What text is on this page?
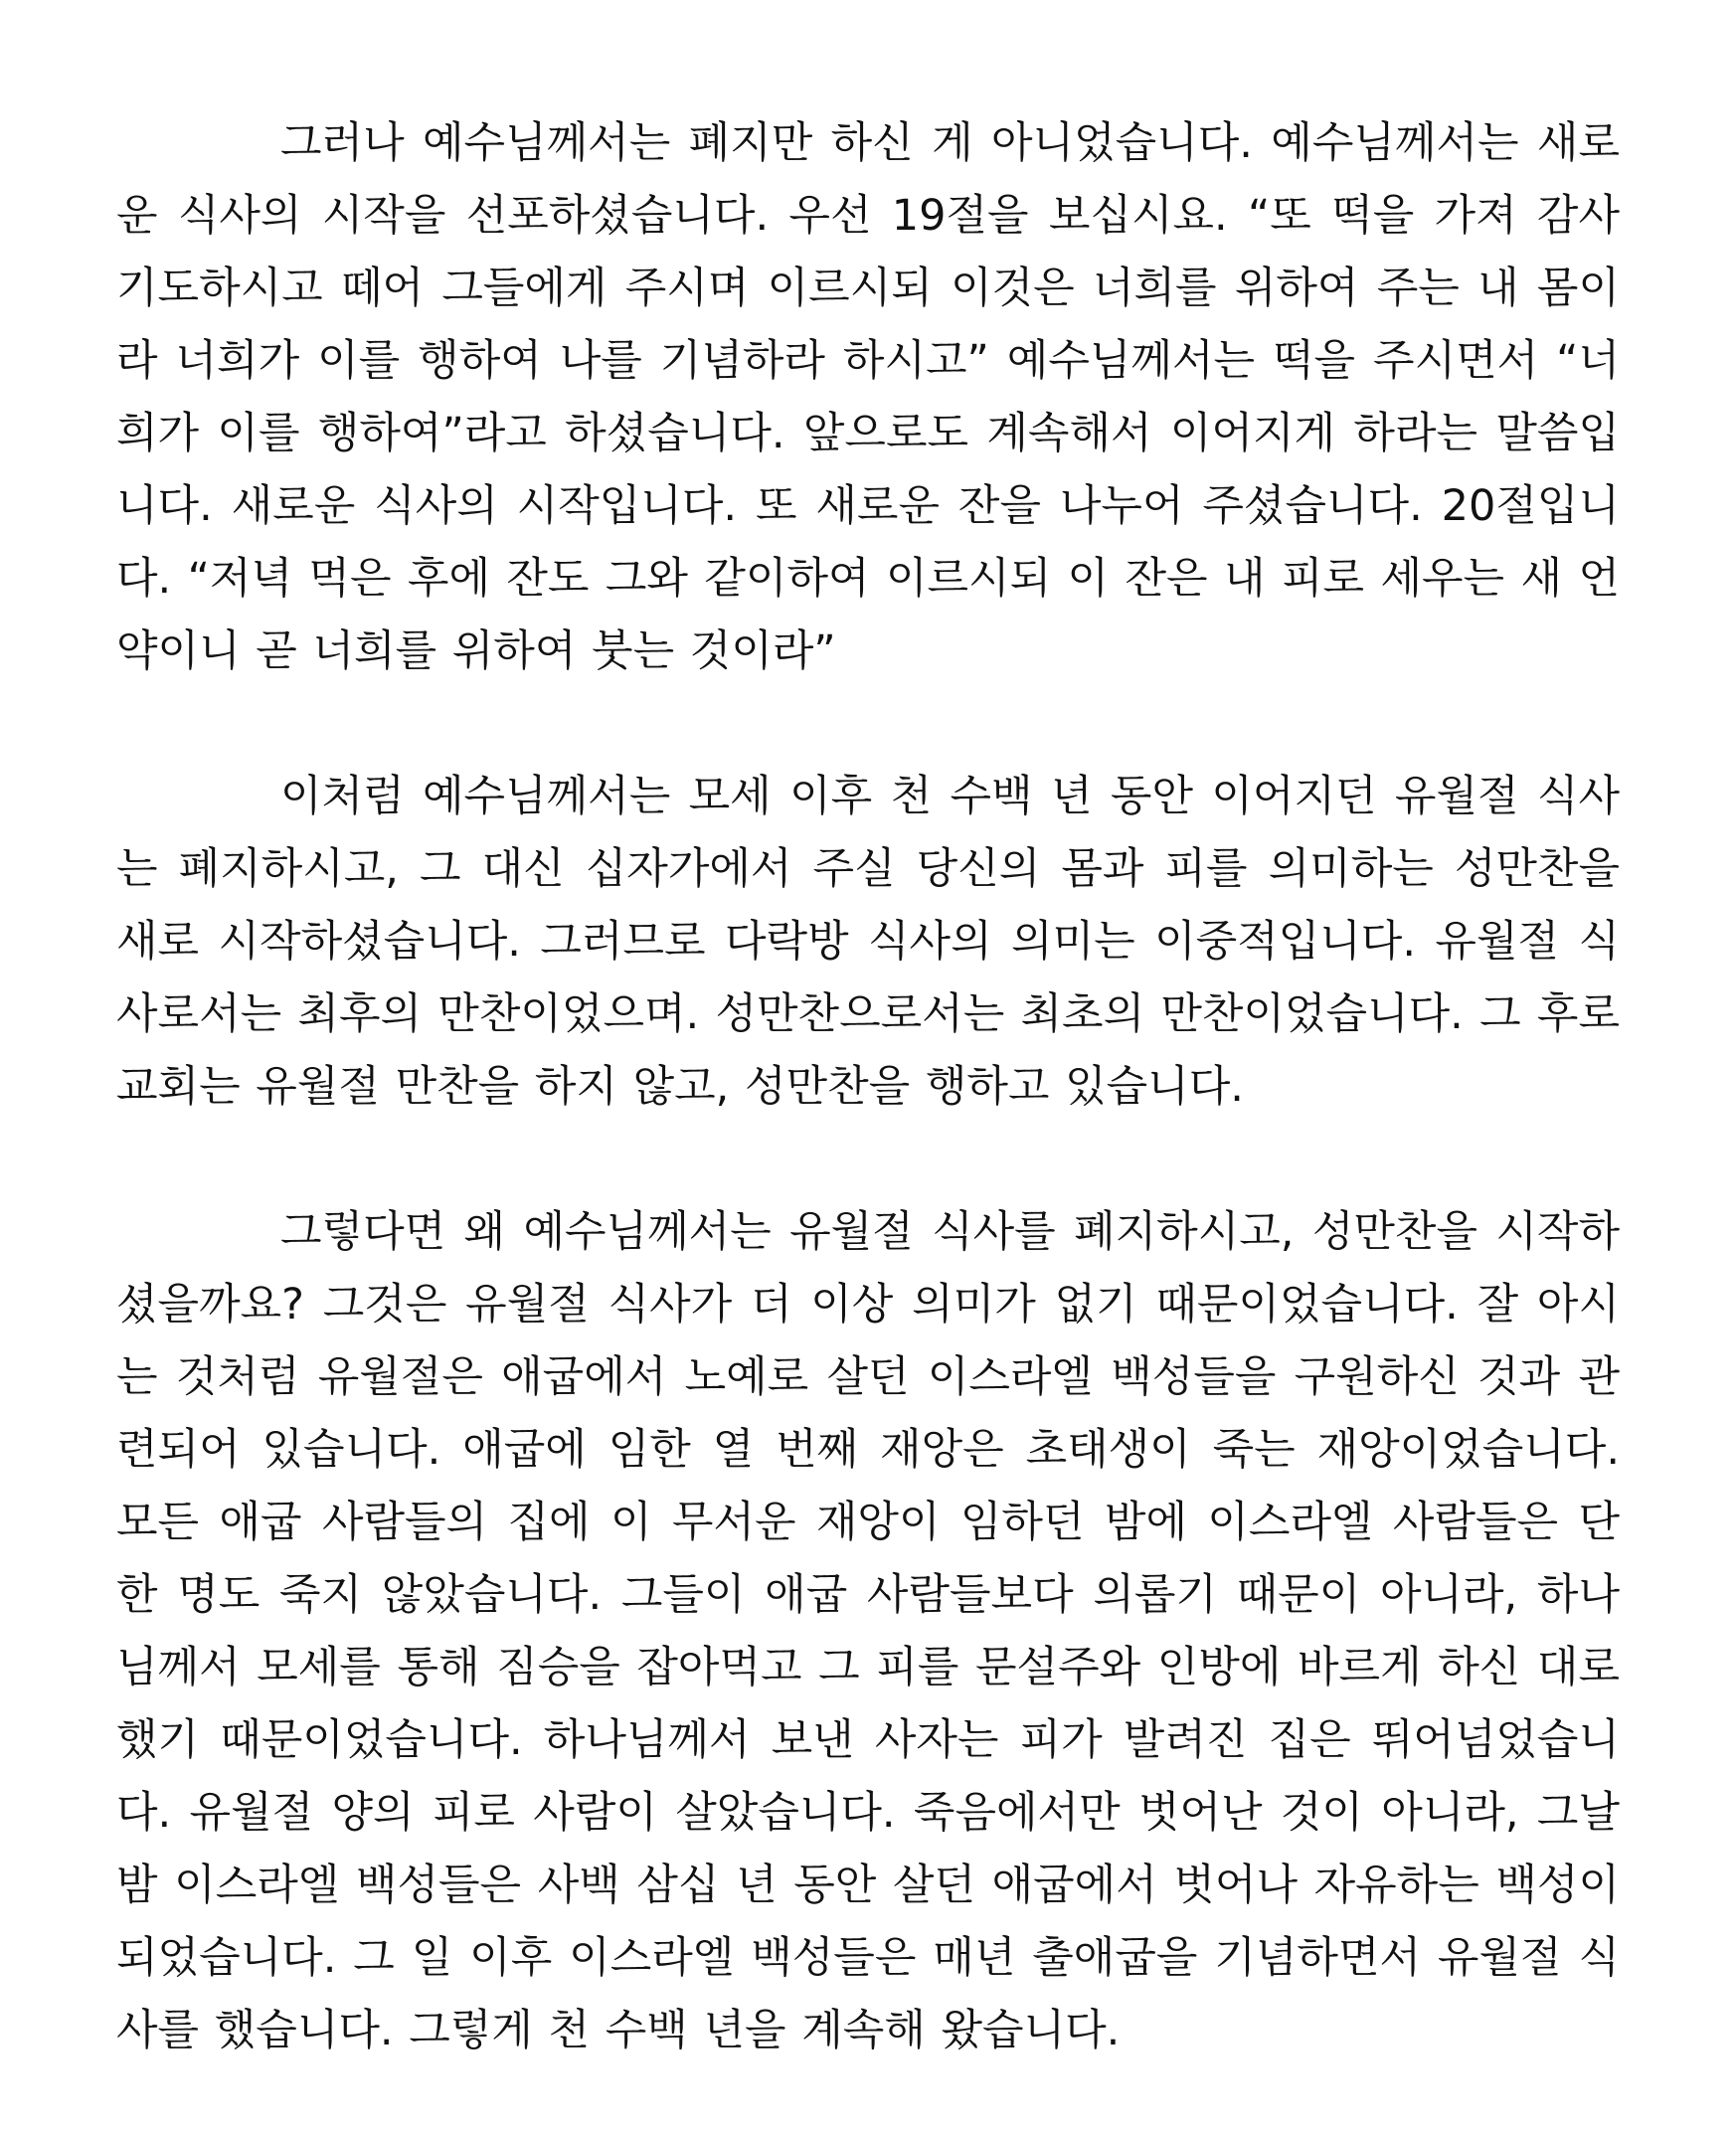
그러나 예수님께서는 폐지만 하신 게 아니었습니다. 예수님께서는 새로운 식사의 시작을 선포하셨습니다. 우선 19절을 보십시요. “또 떡을 가져 감사 기도하시고 떼어 그들에게 주시며 이르시되 이것은 너희를 위하여 주는 내 몸이라 너희가 이를 행하여 나를 기념하라 하시고” 예수님께서는 떡을 주시면서 “너희가 이를 행하여”라고 하셨습니다. 앞으로도 계속해서 이어지게 하라는 말씀입니다. 새로운 식사의 시작입니다. 또 새로운 잔을 나누어 주셨습니다. 20절입니다. “저녁 먹은 후에 잔도 그와 같이하여 이르시되 이 잔은 내 피로 세우는 새 언약이니 곧 너희를 위하여 붓는 것이라”

이처럼 예수님께서는 모세 이후 천 수백 년 동안 이어지던 유월절 식사는 폐지하시고, 그 대신 십자가에서 주실 당신의 몸과 피를 의미하는 성만찬을 새로 시작하셨습니다. 그러므로 다락방 식사의 의미는 이중적입니다. 유월절 식사로서는 최후의 만찬이었으며. 성만찬으로서는 최초의 만찬이었습니다. 그 후로 교회는 유월절 만찬을 하지 않고, 성만찬을 행하고 있습니다.

그렇다면 왜 예수님께서는 유월절 식사를 폐지하시고, 성만찬을 시작하셨을까요? 그것은 유월절 식사가 더 이상 의미가 없기 때문이었습니다. 잘 아시는 것처럼 유월절은 애굽에서 노예로 살던 이스라엘 백성들을 구원하신 것과 관련되어 있습니다. 애굽에 임한 열 번째 재앙은 초태생이 죽는 재앙이었습니다. 모든 애굽 사람들의 집에 이 무서운 재앙이 임하던 밤에 이스라엘 사람들은 단 한 명도 죽지 않았습니다. 그들이 애굽 사람들보다 의롭기 때문이 아니라, 하나님께서 모세를 통해 짐승을 잡아먹고 그 피를 문설주와 인방에 바르게 하신 대로 했기 때문이었습니다. 하나님께서 보낸 사자는 피가 발려진 집은 뛰어넘었습니다. 유월절 양의 피로 사람이 살았습니다. 죽음에서만 벗어난 것이 아니라, 그날 밤 이스라엘 백성들은 사백 삼십 년 동안 살던 애굽에서 벗어나 자유하는 백성이 되었습니다. 그 일 이후 이스라엘 백성들은 매년 출애굽을 기념하면서 유월절 식사를 했습니다. 그렇게 천 수백 년을 계속해 왔습니다.
